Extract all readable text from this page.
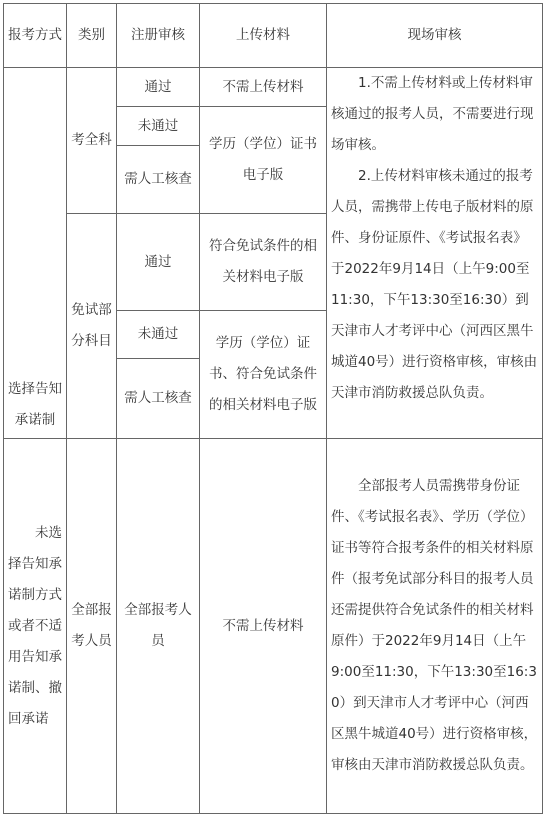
报考方式	类别	注册审核	上传材料	现场审核
选择告知承诺制	考全科	通过	不需上传材料	1.不需上传材料或上传材料审核通过的报考人员，不需要进行现场审核。
2.上传材料审核未通过的报考人员，需携带上传电子版材料的原件、身份证原件、《考试报名表》于2022年9月14日（上午9:00至11:30，下午13:30至16:30）到天津市人才考评中心（河西区黑牛城道40号）进行资格审核，审核由天津市消防救援总队负责。

		未通过	学历（学位）证书电子版	
		需人工核查		
	免试部分科目	通过	符合免试条件的相关材料电子版	
		未通过	学历（学位）证书、符合免试条件的相关材料电子版	
		需人工核查		
未选择告知承诺制方式或者不适用告知承诺制、撤回承诺	全部报考人员	全部报考人员	不需上传材料	全部报考人员需携带身份证件、《考试报名表》、学历（学位）证书等符合报考条件的相关材料原件（报考免试部分科目的报考人员还需提供符合免试条件的相关材料原件）于2022年9月14日（上午9:00至11:30，下午13:30至16:30）到天津市人才考评中心（河西区黑牛城道40号）进行资格审核，审核由天津市消防救援总队负责。
